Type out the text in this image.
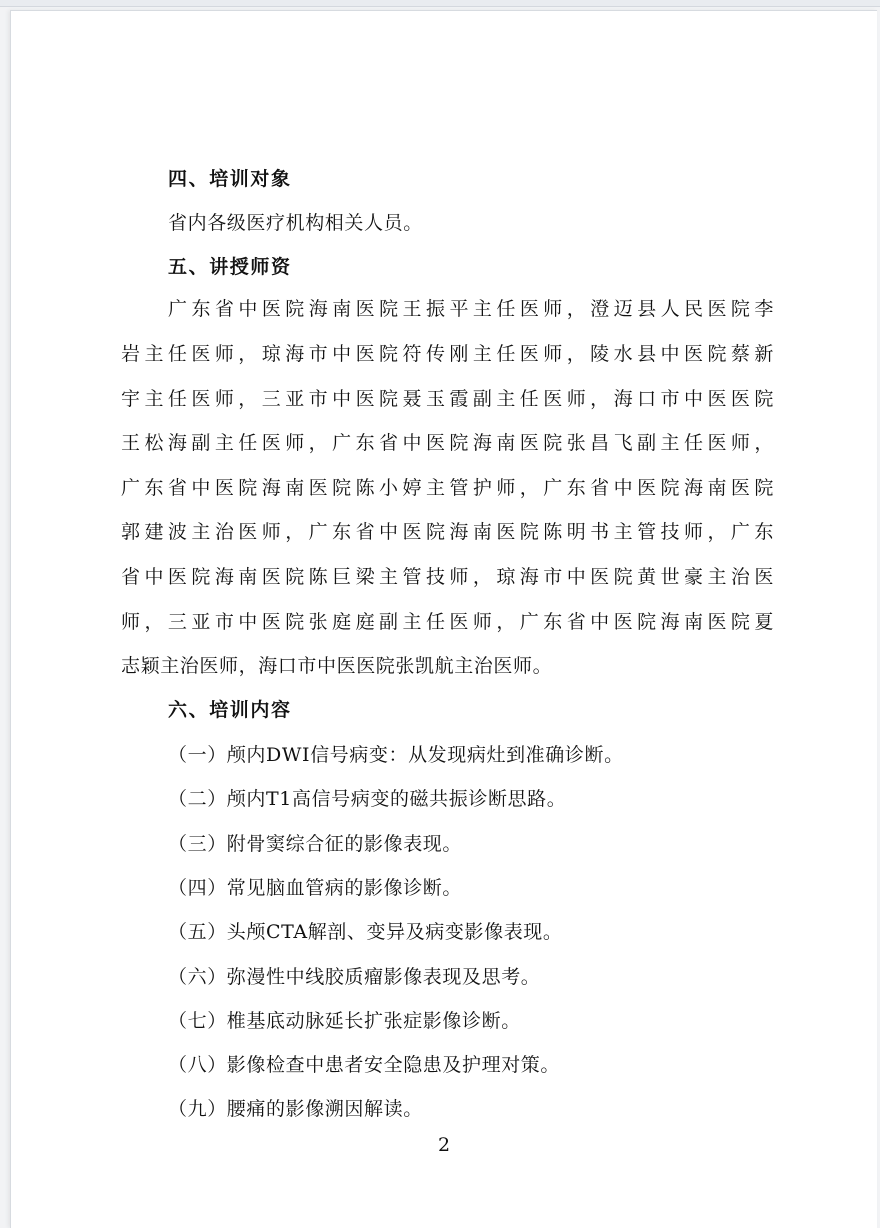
四、培训对象
省内各级医疗机构相关人员。
五、讲授师资
广东省中医院海南医院王振平主任医师，澄迈县人民医院李
岩主任医师，琼海市中医院符传刚主任医师，陵水县中医院蔡新
宇主任医师，三亚市中医院聂玉霞副主任医师，海口市中医医院
王松海副主任医师，广东省中医院海南医院张昌飞副主任医师，
广东省中医院海南医院陈小婷主管护师，广东省中医院海南医院
郭建波主治医师，广东省中医院海南医院陈明书主管技师，广东
省中医院海南医院陈巨梁主管技师，琼海市中医院黄世豪主治医
师，三亚市中医院张庭庭副主任医师，广东省中医院海南医院夏
志颖主治医师，海口市中医医院张凯航主治医师。
六、培训内容
（一）颅内DWI信号病变：从发现病灶到准确诊断。
（二）颅内T1高信号病变的磁共振诊断思路。
（三）附骨窦综合征的影像表现。
（四）常见脑血管病的影像诊断。
（五）头颅CTA解剖、变异及病变影像表现。
（六）弥漫性中线胶质瘤影像表现及思考。
（七）椎基底动脉延长扩张症影像诊断。
（八）影像检查中患者安全隐患及护理对策。
（九）腰痛的影像溯因解读。
2
